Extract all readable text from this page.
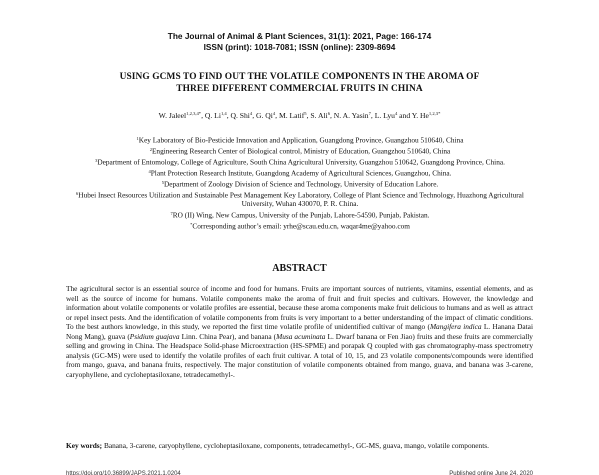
The Journal of Animal & Plant Sciences, 31(1): 2021, Page: 166-174
ISSN (print): 1018-7081; ISSN (online): 2309-8694
USING GCMS TO FIND OUT THE VOLATILE COMPONENTS IN THE AROMA OF
THREE DIFFERENT COMMERCIAL FRUITS IN CHINA
W. Jaleel$^{1,2,3,4*}$, Q. Li$^{1,4}$, Q. Shi$^4$, G. Qi$^4$, M. Latif$^5$, S. Ali$^6$, N. A. Yasin$^7$, L. Lyu$^4$ and Y. $He^{1,2,3*}$
$^1$Key Laboratory of Bio-Pesticide Innovation and Application, Guangdong Province, Guangzhou 510640, China
$^2$Engineering Research Center of Biological control, Ministry of Education, Guangzhou 510640, China
$^3$Department of Entomology, College of Agriculture, South China Agricultural University, Guangzhou 510642, Guangdong Province, China.
$^4$Plant Protection Research Institute, Guangdong Academy of Agricultural Sciences, Guangzhou, China.
$^5$Department of Zoology Division of Science and Technology, University of Education Lahore.
$^6$Hubei Insect Resources Utilization and Sustainable Pest Management Key Laboratory, College of Plant Science and Technology, Huazhong Agricultural University, Wuhan 430070, P. R. China.
$^7$RO (II) Wing, New Campus, University of the Punjab, Lahore-54590, Punjab, Pakistan.
*Corresponding author’s email: yrhe@scau.edu.cn, waqar4me@yahoo.com
ABSTRACT
The agricultural sector is an essential source of income and food for humans. Fruits are important sources of nutrients, vitamins, essential elements, and as well as the source of income for humans. Volatile components make the aroma of fruit and fruit species and cultivars. However, the knowledge and information about volatile components or volatile profiles are essential, because these aroma components make fruit delicious to humans and as well as attract or repel insect pests. And the identification of volatile components from fruits is very important to a better understanding of the impact of climatic conditions. To the best authors knowledge, in this study, we reported the first time volatile profile of unidentified cultivar of mango (Mangifera indica L. Hanana Datai Nong Mang), guava (Psidium guajava Linn. China Pear), and banana (Musa acuminata L. Dwarf banana or Fen Jiao) fruits and these fruits are commercially selling and growing in China. The Headspace Solid-phase Microextraction (HS-SPME) and porapak Q coupled with gas chromatography-mass spectrometry analysis (GC-MS) were used to identify the volatile profiles of each fruit cultivar. A total of 10, 15, and 23 volatile components/compounds were identified from mango, guava, and banana fruits, respectively. The major constitution of volatile components obtained from mango, guava, and banana was 3-carene, caryophyllene, and cycloheptasiloxane, tetradecamethyl-.
Key words; Banana, 3-carene, caryophyllene, cycloheptasiloxane, components, tetradecamethyl-, GC-MS, guava, mango, volatile components.
https://doi.org/10.36899/JAPS.2021.1.0204	Published online June 24, 2020
